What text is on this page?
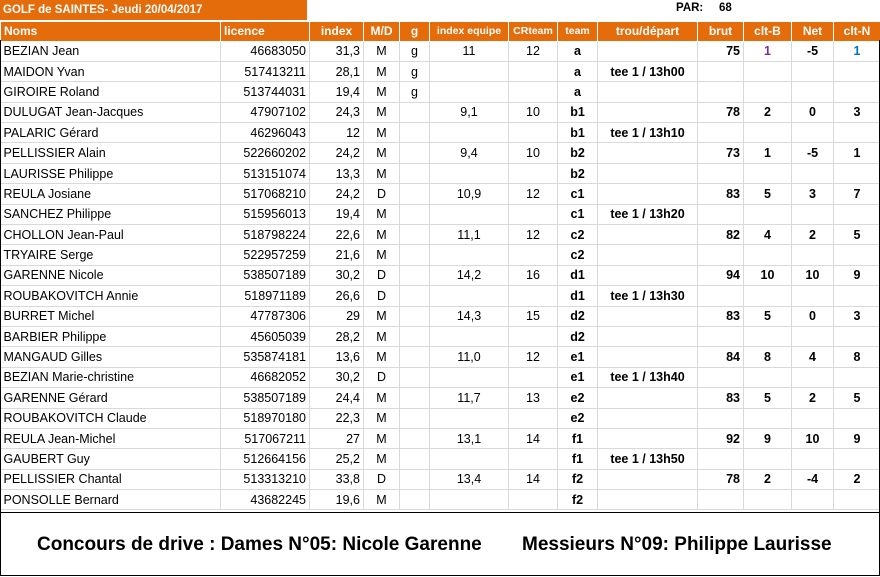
GOLF de SAINTES- Jeudi 20/04/2017	PAR: 68
Noms	licence	index	M/D	g	index equipe	CRteam	team	trou/départ	brut	clt-B	Net	clt-N
BEZIAN Jean	46683050	31,3	M	g	11	12	a		75	1	-5	1
MAIDON Yvan	517413211	28,1	M	g			a	tee 1 / 13h00				
GIROIRE Roland	513744031	19,4	M	g			a					
DULUGAT Jean-Jacques	47907102	24,3	M		9,1	10	b1		78	2	0	3
PALARIC Gérard	46296043	12	M				b1	tee 1 / 13h10				
PELLISSIER Alain	522660202	24,2	M		9,4	10	b2		73	1	-5	1
LAURISSE Philippe	513151074	13,3	M				b2					
REULA Josiane	517068210	24,2	D		10,9	12	c1		83	5	3	7
SANCHEZ Philippe	515956013	19,4	M				c1	tee 1 / 13h20				
CHOLLON Jean-Paul	518798224	22,6	M		11,1	12	c2		82	4	2	5
TRYAIRE Serge	522957259	21,6	M				c2					
GARENNE Nicole	538507189	30,2	D		14,2	16	d1		94	10	10	9
ROUBAKOVITCH Annie	518971189	26,6	D				d1	tee 1 / 13h30				
BURRET Michel	47787306	29	M		14,3	15	d2		83	5	0	3
BARBIER Philippe	45605039	28,2	M				d2					
MANGAUD Gilles	535874181	13,6	M		11,0	12	e1		84	8	4	8
BEZIAN Marie-christine	46682052	30,2	D				e1	tee 1 / 13h40				
GARENNE Gérard	538507189	24,4	M		11,7	13	e2		83	5	2	5
ROUBAKOVITCH Claude	518970180	22,3	M				e2					
REULA Jean-Michel	517067211	27	M		13,1	14	f1		92	9	10	9
GAUBERT Guy	512664156	25,2	M				f1	tee 1 / 13h50				
PELLISSIER Chantal	513313210	33,8	D		13,4	14	f2		78	2	-4	2
PONSOLLE Bernard	43682245	19,6	M				f2					
Concours de drive : Dames N°05: Nicole Garenne Messieurs N°09: Philippe Laurisse
